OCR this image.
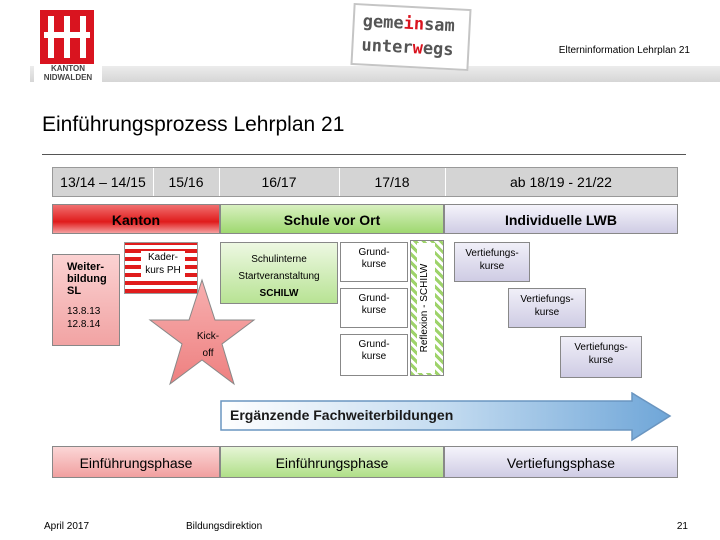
KANTON
NIDWALDEN
gemeinsam
unterwegs	Elterninformation Lehrplan 21
Einführungsprozess Lehrplan 21
13/14 – 14/15	15/16	16/17	17/18	ab 18/19 - 21/22
Kanton	Schule vor Ort	Individuelle LWB
Weiter-
bildung
SL
13.8.13
12.8.14
Kader-
kurs PH
Kick-
off
Schulinterne
Startveranstaltung
SCHILW
Grund-
kurse
Grund-
kurse
Grund-
kurse
Reflexion - SCHILW
Vertiefungs-
kurse
Vertiefungs-
kurse
Vertiefungs-
kurse
Ergänzende Fachweiterbildungen
Einführungsphase	Einführungsphase	Vertiefungsphase
April 2017	Bildungsdirektion	21
